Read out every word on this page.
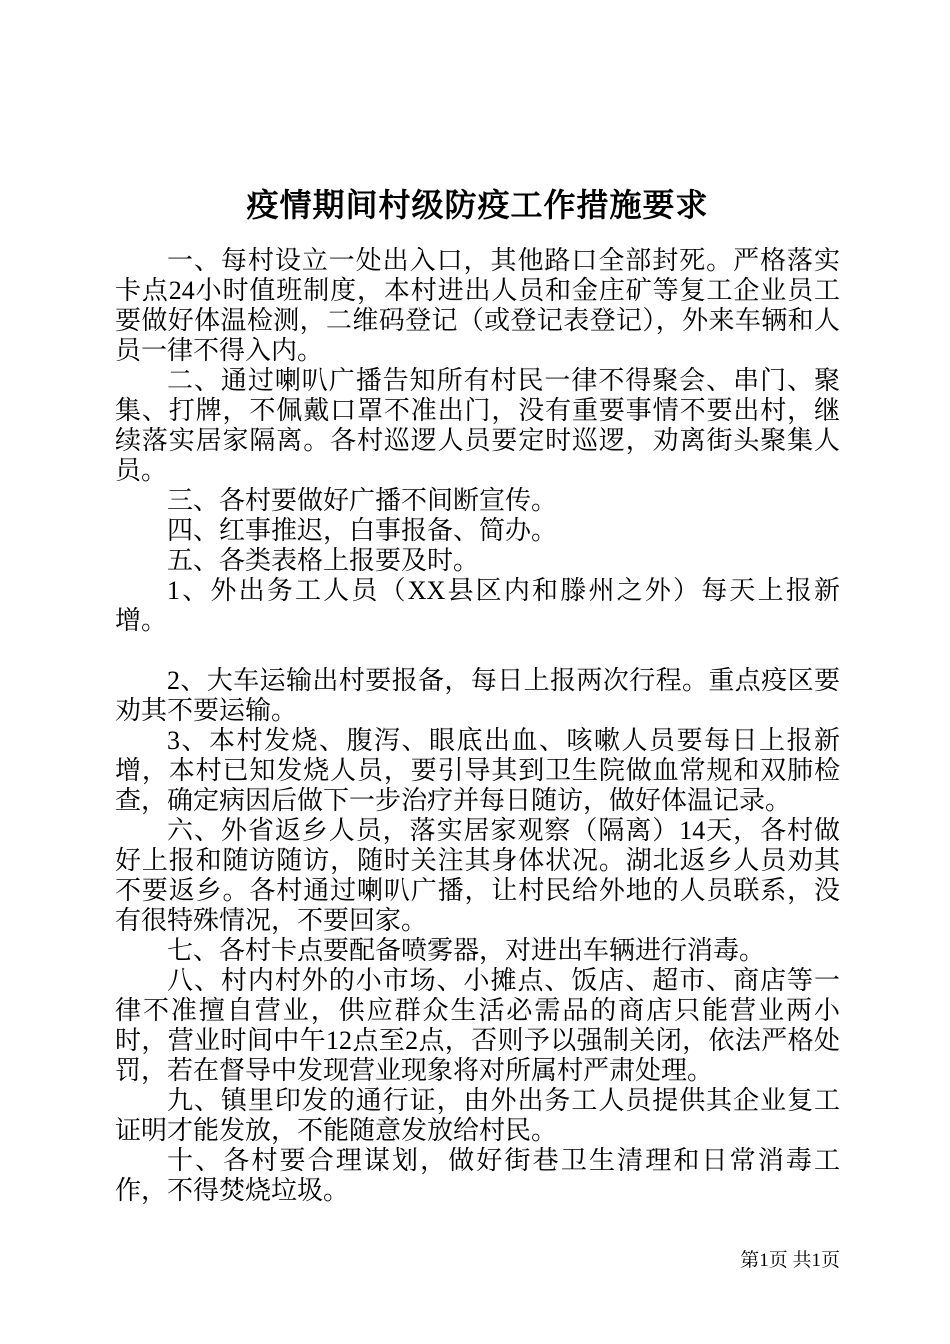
疫情期间村级防疫工作措施要求

一、每村设立一处出入口，其他路口全部封死。严格落实卡点24小时值班制度，本村进出人员和金庄矿等复工企业员工要做好体温检测，二维码登记（或登记表登记），外来车辆和人员一律不得入内。

二、通过喇叭广播告知所有村民一律不得聚会、串门、聚集、打牌，不佩戴口罩不准出门，没有重要事情不要出村，继续落实居家隔离。各村巡逻人员要定时巡逻，劝离街头聚集人员。

三、各村要做好广播不间断宣传。

四、红事推迟，白事报备、简办。

五、各类表格上报要及时。

1、外出务工人员（XX县区内和滕州之外）每天上报新增。

2、大车运输出村要报备，每日上报两次行程。重点疫区要劝其不要运输。

3、本村发烧、腹泻、眼底出血、咳嗽人员要每日上报新增，本村已知发烧人员，要引导其到卫生院做血常规和双肺检查，确定病因后做下一步治疗并每日随访，做好体温记录。

六、外省返乡人员，落实居家观察（隔离）14天，各村做好上报和随访随访，随时关注其身体状况。湖北返乡人员劝其不要返乡。各村通过喇叭广播，让村民给外地的人员联系，没有很特殊情况，不要回家。

七、各村卡点要配备喷雾器，对进出车辆进行消毒。

八、村内村外的小市场、小摊点、饭店、超市、商店等一律不准擅自营业，供应群众生活必需品的商店只能营业两小时，营业时间中午12点至2点，否则予以强制关闭，依法严格处罚，若在督导中发现营业现象将对所属村严肃处理。

九、镇里印发的通行证，由外出务工人员提供其企业复工证明才能发放，不能随意发放给村民。

十、各村要合理谋划，做好街巷卫生清理和日常消毒工作，不得焚烧垃圾。

第1页 共1页
